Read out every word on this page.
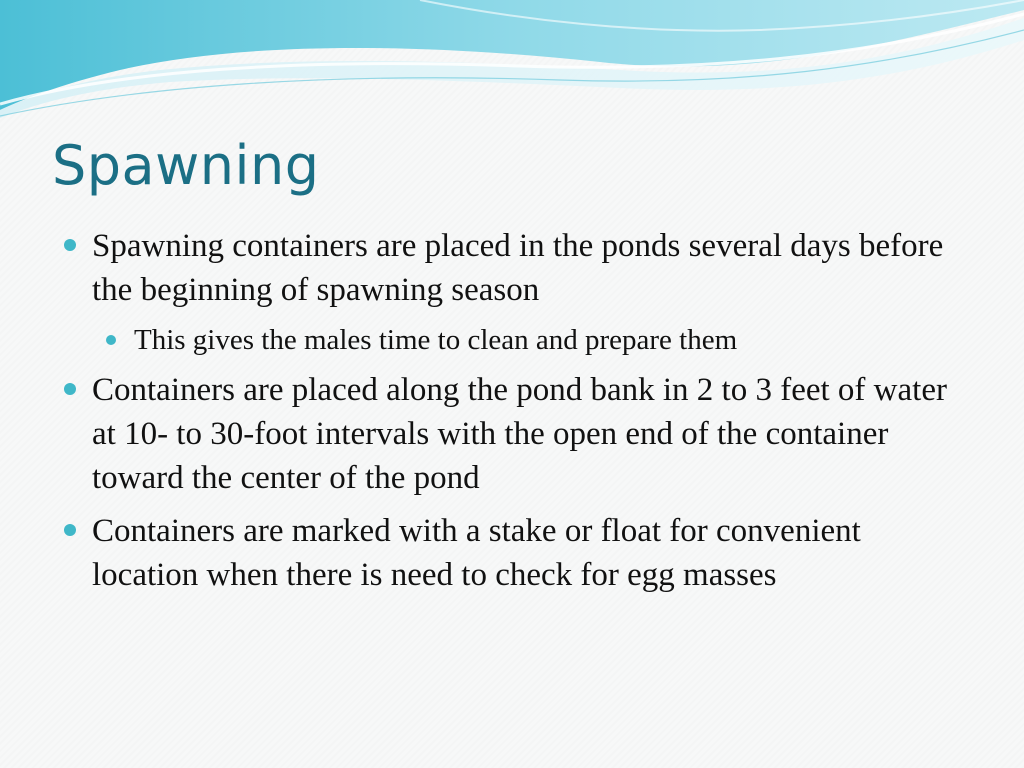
Spawning
Spawning containers are placed in the ponds several days before the beginning of spawning season
This gives the males time to clean and prepare them
Containers are placed along the pond bank in 2 to 3 feet of water at 10- to 30-foot intervals with the open end of the container toward the center of the pond
Containers are marked with a stake or float for convenient location when there is need to check for egg masses
